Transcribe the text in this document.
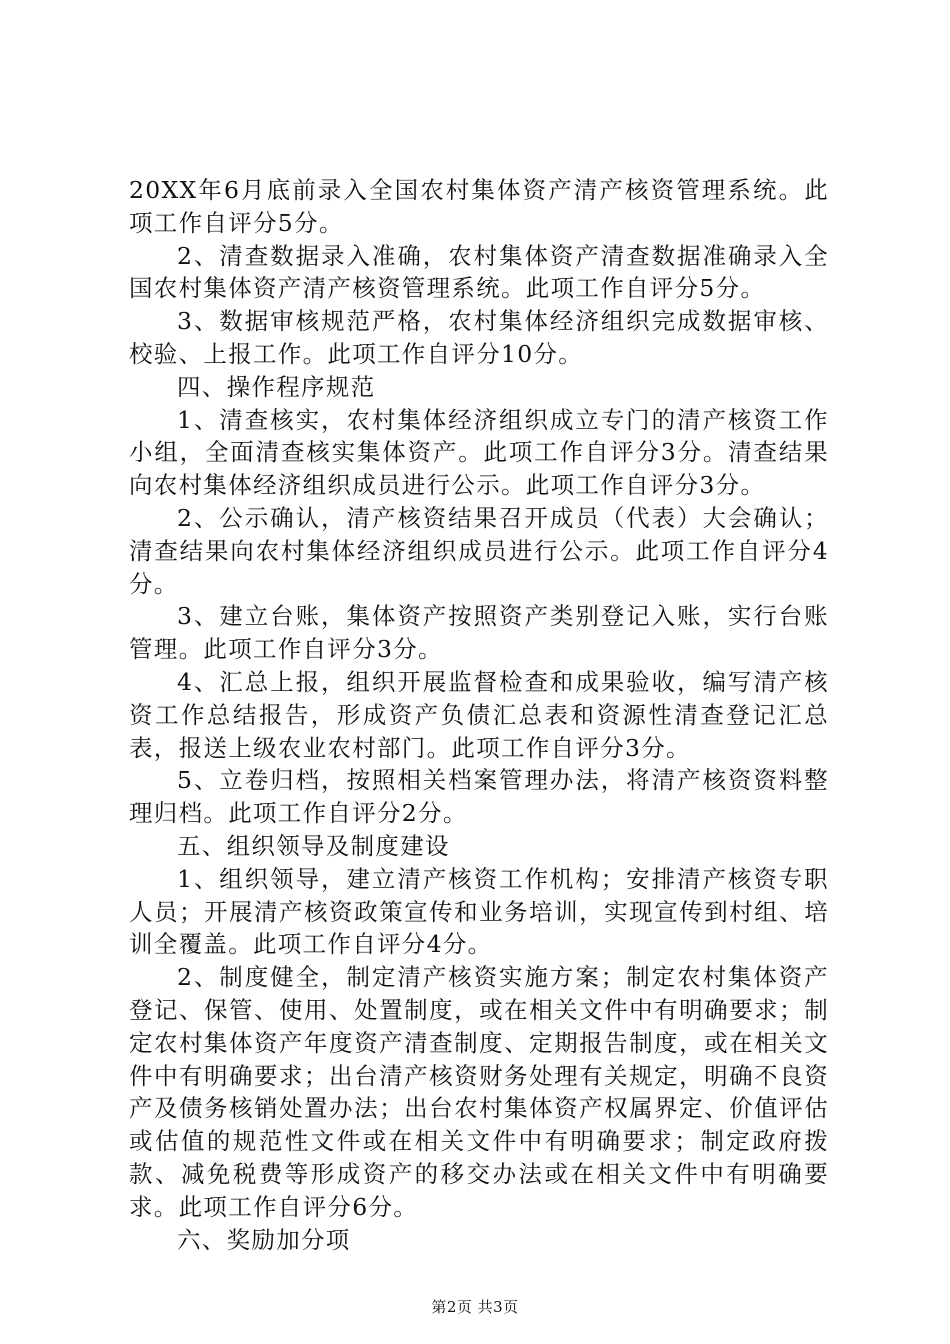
20XX年6月底前录入全国农村集体资产清产核资管理系统。此项工作自评分5分。

2、清查数据录入准确，农村集体资产清查数据准确录入全国农村集体资产清产核资管理系统。此项工作自评分5分。

3、数据审核规范严格，农村集体经济组织完成数据审核、校验、上报工作。此项工作自评分10分。

四、操作程序规范

1、清查核实，农村集体经济组织成立专门的清产核资工作小组，全面清查核实集体资产。此项工作自评分3分。清查结果向农村集体经济组织成员进行公示。此项工作自评分3分。

2、公示确认，清产核资结果召开成员（代表）大会确认；清查结果向农村集体经济组织成员进行公示。此项工作自评分4分。

3、建立台账，集体资产按照资产类别登记入账，实行台账管理。此项工作自评分3分。

4、汇总上报，组织开展监督检查和成果验收，编写清产核资工作总结报告，形成资产负债汇总表和资源性清查登记汇总表，报送上级农业农村部门。此项工作自评分3分。

5、立卷归档，按照相关档案管理办法，将清产核资资料整理归档。此项工作自评分2分。

五、组织领导及制度建设

1、组织领导，建立清产核资工作机构；安排清产核资专职人员；开展清产核资政策宣传和业务培训，实现宣传到村组、培训全覆盖。此项工作自评分4分。

2、制度健全，制定清产核资实施方案；制定农村集体资产登记、保管、使用、处置制度，或在相关文件中有明确要求；制定农村集体资产年度资产清查制度、定期报告制度，或在相关文件中有明确要求；出台清产核资财务处理有关规定，明确不良资产及债务核销处置办法；出台农村集体资产权属界定、价值评估或估值的规范性文件或在相关文件中有明确要求；制定政府拨款、减免税费等形成资产的移交办法或在相关文件中有明确要求。此项工作自评分6分。

六、奖励加分项

第2页 共3页
